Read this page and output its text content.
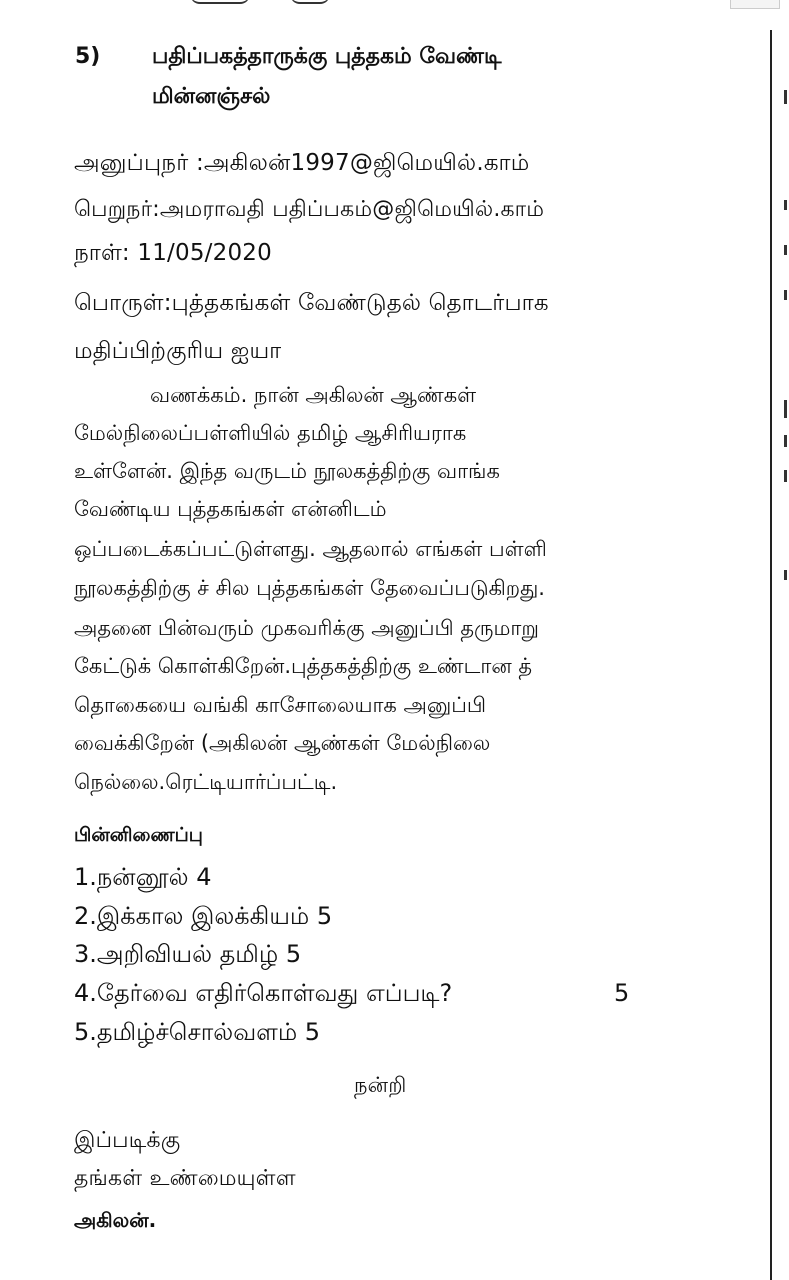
5) பதிப்பகத்தாருக்கு புத்தகம் வேண்டி
மின்னஞ்சல்
அனுப்புநர் :அகிலன்1997@ஜிமெயில்.காம்
பெறுநர்:அமராவதி பதிப்பகம்@ஜிமெயில்.காம்
நாள்: 11/05/2020
பொருள்:புத்தகங்கள் வேண்டுதல் தொடர்பாக
மதிப்பிற்குரிய ஐயா
வணக்கம். நான் அகிலன் ஆண்கள்
மேல்நிலைப்பள்ளியில் தமிழ் ஆசிரியராக
உள்ளேன். இந்த வருடம் நூலகத்திற்கு வாங்க
வேண்டிய புத்தகங்கள் என்னிடம்
ஒப்படைக்கப்பட்டுள்ளது. ஆதலால் எங்கள் பள்ளி
நூலகத்திற்கு ச் சில புத்தகங்கள் தேவைப்படுகிறது.
அதனை பின்வரும் முகவரிக்கு அனுப்பி தருமாறு
கேட்டுக் கொள்கிறேன்.புத்தகத்திற்கு உண்டான த்
தொகையை வங்கி காசோலையாக அனுப்பி
வைக்கிறேன் (அகிலன் ஆண்கள் மேல்நிலை
நெல்லை.ரெட்டியார்ப்பட்டி.
பின்னிணைப்பு
1.நன்னூல் 4
2.இக்கால இலக்கியம் 5
3.அறிவியல் தமிழ் 5
4.தேர்வை எதிர்கொள்வது எப்படி?	5
5.தமிழ்ச்சொல்வளம் 5
நன்றி
இப்படிக்கு
தங்கள் உண்மையுள்ள
அகிலன்.
